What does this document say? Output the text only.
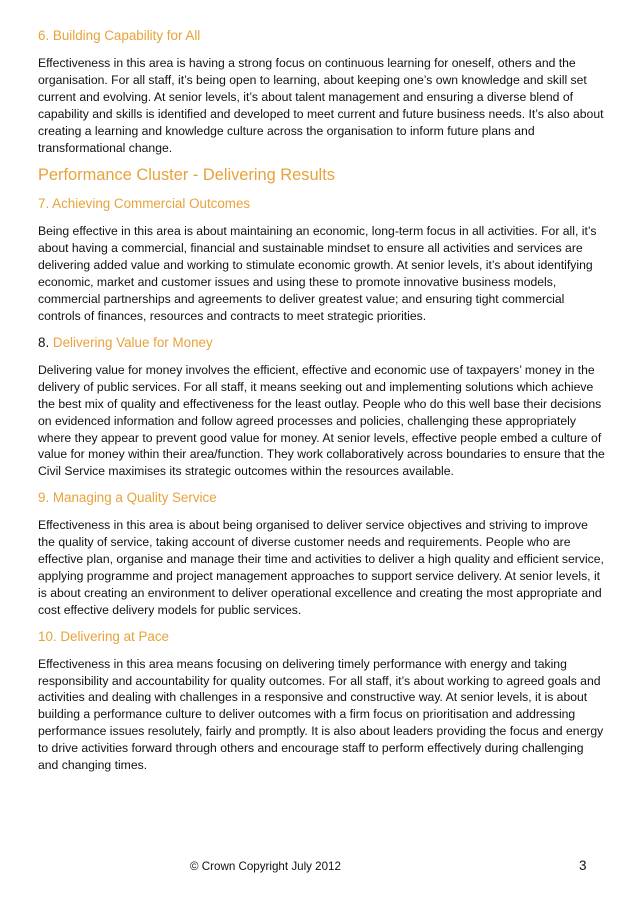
6. Building Capability for All

Effectiveness in this area is having a strong focus on continuous learning for oneself, others and the organisation. For all staff, it’s being open to learning, about keeping one’s own knowledge and skill set current and evolving. At senior levels, it’s about talent management and ensuring a diverse blend of capability and skills is identified and developed to meet current and future business needs. It’s also about creating a learning and knowledge culture across the organisation to inform future plans and transformational change.

Performance Cluster - Delivering Results
7. Achieving Commercial Outcomes

Being effective in this area is about maintaining an economic, long-term focus in all activities. For all, it’s about having a commercial, financial and sustainable mindset to ensure all activities and services are delivering added value and working to stimulate economic growth. At senior levels, it’s about identifying economic, market and customer issues and using these to promote innovative business models, commercial partnerships and agreements to deliver greatest value; and ensuring tight commercial controls of finances, resources and contracts to meet strategic priorities.

8. Delivering Value for Money

Delivering value for money involves the efficient, effective and economic use of taxpayers’ money in the delivery of public services. For all staff, it means seeking out and implementing solutions which achieve the best mix of quality and effectiveness for the least outlay. People who do this well base their decisions on evidenced information and follow agreed processes and policies, challenging these appropriately where they appear to prevent good value for money. At senior levels, effective people embed a culture of value for money within their area/function. They work collaboratively across boundaries to ensure that the Civil Service maximises its strategic outcomes within the resources available.

9. Managing a Quality Service

Effectiveness in this area is about being organised to deliver service objectives and striving to improve the quality of service, taking account of diverse customer needs and requirements. People who are effective plan, organise and manage their time and activities to deliver a high quality and efficient service, applying programme and project management approaches to support service delivery. At senior levels, it is about creating an environment to deliver operational excellence and creating the most appropriate and cost effective delivery models for public services.

10. Delivering at Pace

Effectiveness in this area means focusing on delivering timely performance with energy and taking responsibility and accountability for quality outcomes. For all staff, it’s about working to agreed goals and activities and dealing with challenges in a responsive and constructive way. At senior levels, it is about building a performance culture to deliver outcomes with a firm focus on prioritisation and addressing performance issues resolutely, fairly and promptly. It is also about leaders providing the focus and energy to drive activities forward through others and encourage staff to perform effectively during challenging and changing times.

© Crown Copyright July 2012	3
